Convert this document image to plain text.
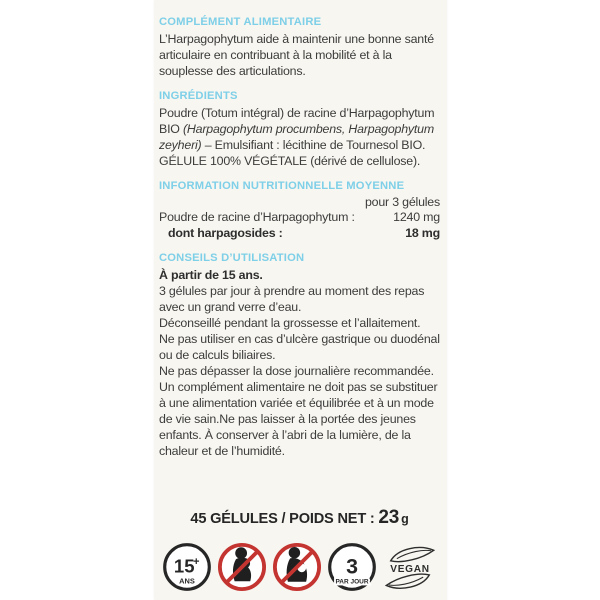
COMPLÉMENT ALIMENTAIRE

L’Harpagophytum aide à maintenir une bonne santé articulaire en contribuant à la mobilité et à la souplesse des articulations.

INGRÉDIENTS

Poudre (Totum intégral) de racine d’Harpagophytum BIO (Harpagophytum procumbens, Harpagophytum zeyheri) – Emulsifiant : lécithine de Tournesol BIO. GÉLULE 100% VÉGÉTALE (dérivé de cellulose).

INFORMATION NUTRITIONNELLE MOYENNE
pour 3 gélules
Poudre de racine d’Harpagophytum :	1240 mg
dont harpagosides :	18 mg
CONSEILS D’UTILISATION

À partir de 15 ans.

3 gélules par jour à prendre au moment des repas avec un grand verre d’eau.

Déconseillé pendant la grossesse et l’allaitement.

Ne pas utiliser en cas d’ulcère gastrique ou duodénal ou de calculs biliaires.

Ne pas dépasser la dose journalière recommandée. Un complément alimentaire ne doit pas se substituer à une alimentation variée et équilibrée et à un mode de vie sain.Ne pas laisser à la portée des jeunes enfants. À conserver à l’abri de la lumière, de la chaleur et de l’humidité.

45 GÉLULES / POIDS NET : 23 g
15
+
ANS
3
PAR JOUR
VEGAN
